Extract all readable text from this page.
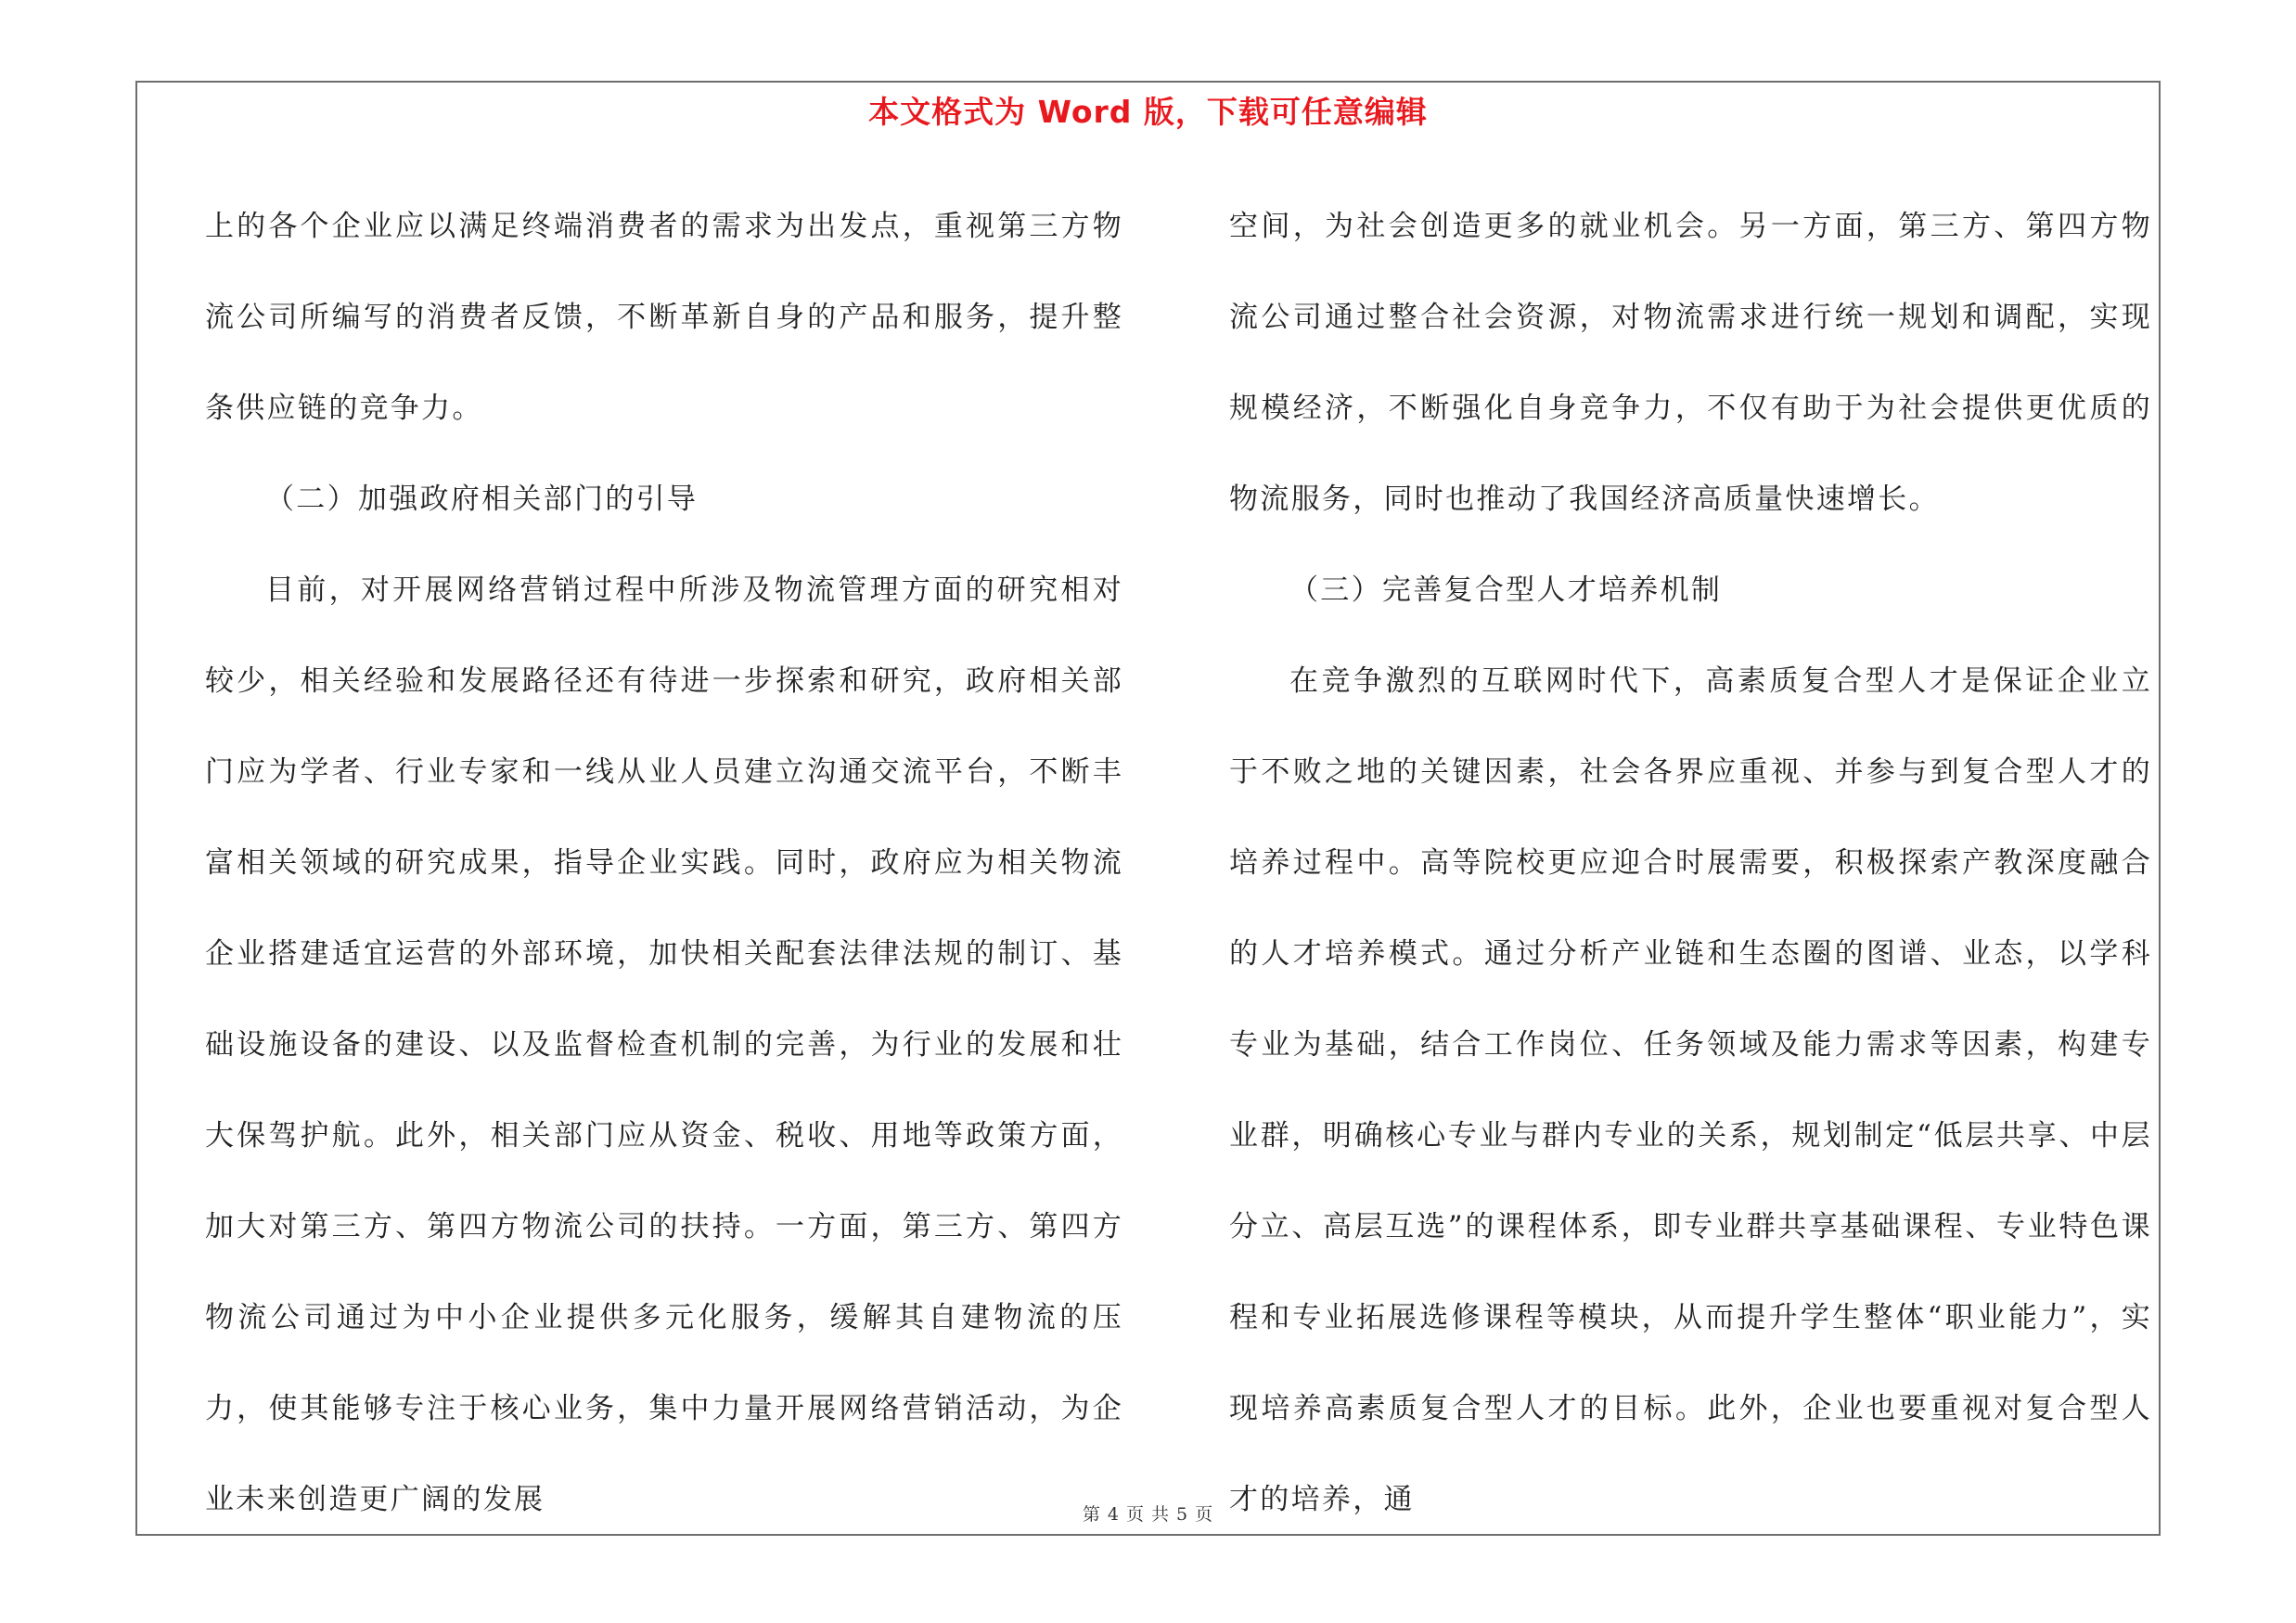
本文格式为 Word 版，下载可任意编辑

上的各个企业应以满足终端消费者的需求为出发点，重视第三方物流公司所编写的消费者反馈，不断革新自身的产品和服务，提升整条供应链的竞争力。

（二）加强政府相关部门的引导

目前，对开展网络营销过程中所涉及物流管理方面的研究相对较少，相关经验和发展路径还有待进一步探索和研究，政府相关部门应为学者、行业专家和一线从业人员建立沟通交流平台，不断丰富相关领域的研究成果，指导企业实践。同时，政府应为相关物流企业搭建适宜运营的外部环境，加快相关配套法律法规的制订、基础设施设备的建设、以及监督检查机制的完善，为行业的发展和壮大保驾护航。此外，相关部门应从资金、税收、用地等政策方面，加大对第三方、第四方物流公司的扶持。一方面，第三方、第四方物流公司通过为中小企业提供多元化服务，缓解其自建物流的压力，使其能够专注于核心业务，集中力量开展网络营销活动，为企业未来创造更广阔的发展

空间，为社会创造更多的就业机会。另一方面，第三方、第四方物流公司通过整合社会资源，对物流需求进行统一规划和调配，实现规模经济，不断强化自身竞争力，不仅有助于为社会提供更优质的物流服务，同时也推动了我国经济高质量快速增长。

（三）完善复合型人才培养机制

在竞争激烈的互联网时代下，高素质复合型人才是保证企业立于不败之地的关键因素，社会各界应重视、并参与到复合型人才的培养过程中。高等院校更应迎合时展需要，积极探索产教深度融合的人才培养模式。通过分析产业链和生态圈的图谱、业态，以学科专业为基础，结合工作岗位、任务领域及能力需求等因素，构建专业群，明确核心专业与群内专业的关系，规划制定“低层共享、中层分立、高层互选”的课程体系，即专业群共享基础课程、专业特色课程和专业拓展选修课程等模块，从而提升学生整体“职业能力”，实现培养高素质复合型人才的目标。此外，企业也要重视对复合型人才的培养，通

第 4 页 共 5 页
